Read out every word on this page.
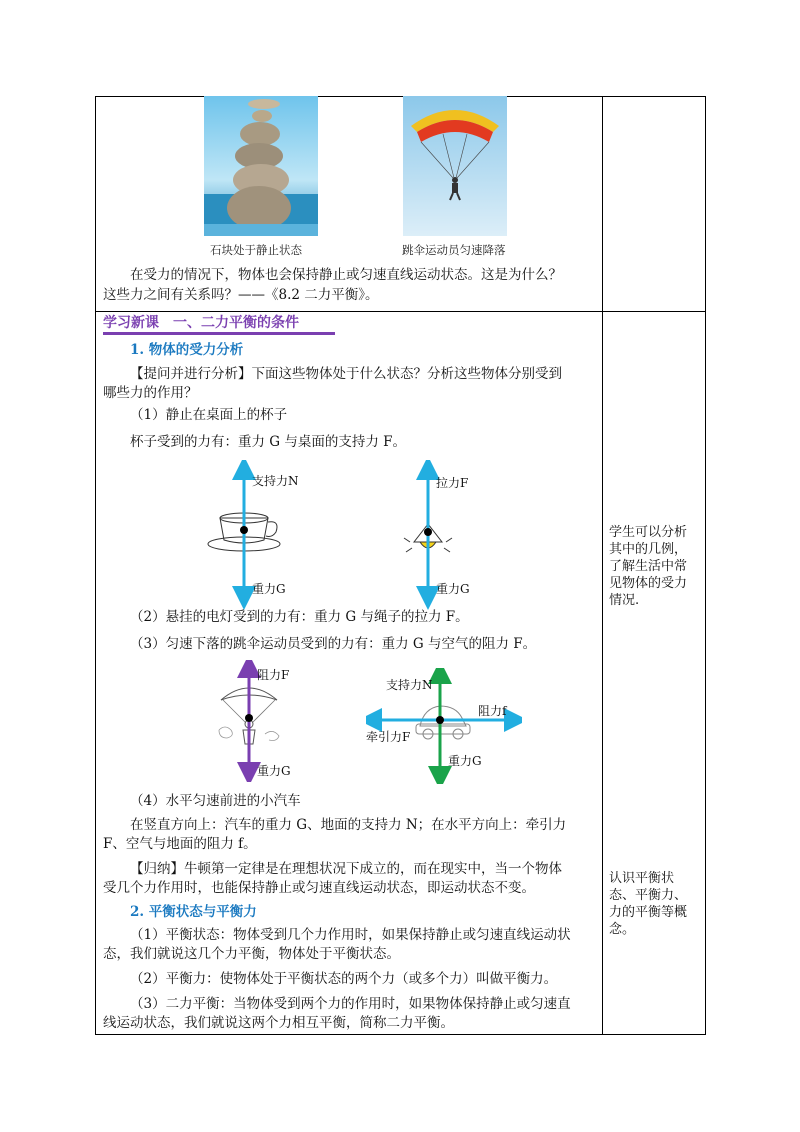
石块处于静止状态	跳伞运动员匀速降落
在受力的情况下，物体也会保持静止或匀速直线运动状态。这是为什么？
这些力之间有关系吗？——《8.2 二力平衡》。
学习新课　一、二力平衡的条件
1. 物体的受力分析
【提问并进行分析】下面这些物体处于什么状态？分析这些物体分别受到
哪些力的作用？
（1）静止在桌面上的杯子
杯子受到的力有：重力 G 与桌面的支持力 F。
支持力N
重力G
拉力F
重力G
（2）悬挂的电灯受到的力有：重力 G 与绳子的拉力 F。
（3）匀速下落的跳伞运动员受到的力有：重力 G 与空气的阻力 F。
阻力F
重力G
支持力N
阻力f
牵引力F
重力G
（4）水平匀速前进的小汽车
在竖直方向上：汽车的重力 G、地面的支持力 N；在水平方向上：牵引力
F、空气与地面的阻力 f。
【归纳】牛顿第一定律是在理想状况下成立的，而在现实中，当一个物体
受几个力作用时，也能保持静止或匀速直线运动状态，即运动状态不变。
2. 平衡状态与平衡力
（1）平衡状态：物体受到几个力作用时，如果保持静止或匀速直线运动状
态，我们就说这几个力平衡，物体处于平衡状态。
（2）平衡力：使物体处于平衡状态的两个力（或多个力）叫做平衡力。
（3）二力平衡：当物体受到两个力的作用时，如果物体保持静止或匀速直
线运动状态，我们就说这两个力相互平衡，简称二力平衡。
学生可以分析
其中的几例，
了解生活中常
见物体的受力
情况.
认识平衡状
态、平衡力、
力的平衡等概
念。
